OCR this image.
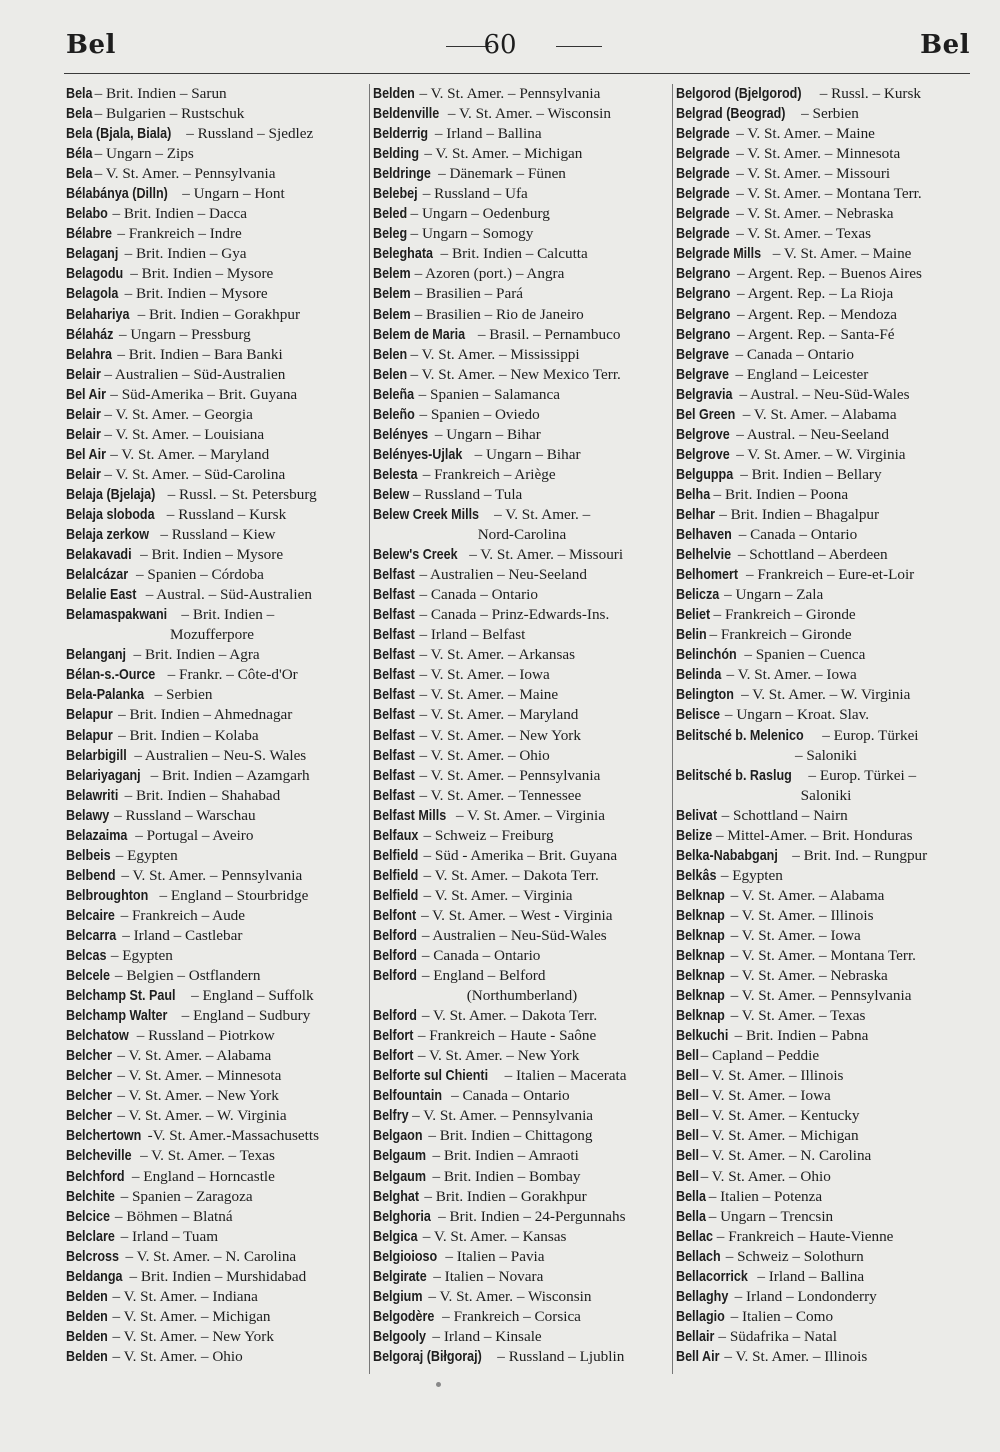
Bel	60	Bel
Bela – Brit. Indien – Sarun
Bela – Bulgarien – Rustschuk
Bela (Bjala, Biala) – Russland – Sjedlez
Béla – Ungarn – Zips
Bela – V. St. Amer. – Pennsylvania
Bélabánya (Dilln) – Ungarn – Hont
Belabo – Brit. Indien – Dacca
Bélabre – Frankreich – Indre
Belaganj – Brit. Indien – Gya
Belagodu – Brit. Indien – Mysore
Belagola – Brit. Indien – Mysore
Belahariya – Brit. Indien – Gorakhpur
Bélaház – Ungarn – Pressburg
Belahra – Brit. Indien – Bara Banki
Belair – Australien – Süd-Australien
Bel Air – Süd-Amerika – Brit. Guyana
Belair – V. St. Amer. – Georgia
Belair – V. St. Amer. – Louisiana
Bel Air – V. St. Amer. – Maryland
Belair – V. St. Amer. – Süd-Carolina
Belaja (Bjelaja) – Russl. – St. Petersburg
Belaja sloboda – Russland – Kursk
Belaja zerkow – Russland – Kiew
Belakavadi – Brit. Indien – Mysore
Belalcázar – Spanien – Córdoba
Belalie East – Austral. – Süd-Australien
Belamaspakwani – Brit. Indien –
Mozufferpore
Belanganj – Brit. Indien – Agra
Bélan-s.-Ource – Frankr. – Côte-d'Or
Bela-Palanka – Serbien
Belapur – Brit. Indien – Ahmednagar
Belapur – Brit. Indien – Kolaba
Belarbigill – Australien – Neu-S. Wales
Belariyaganj – Brit. Indien – Azamgarh
Belawriti – Brit. Indien – Shahabad
Belawy – Russland – Warschau
Belazaima – Portugal – Aveiro
Belbeis – Egypten
Belbend – V. St. Amer. – Pennsylvania
Belbroughton – England – Stourbridge
Belcaire – Frankreich – Aude
Belcarra – Irland – Castlebar
Belcas – Egypten
Belcele – Belgien – Ostflandern
Belchamp St. Paul – England – Suffolk
Belchamp Walter – England – Sudbury
Belchatow – Russland – Piotrkow
Belcher – V. St. Amer. – Alabama
Belcher – V. St. Amer. – Minnesota
Belcher – V. St. Amer. – New York
Belcher – V. St. Amer. – W. Virginia
Belchertown -V. St. Amer.-Massachusetts
Belcheville – V. St. Amer. – Texas
Belchford – England – Horncastle
Belchite – Spanien – Zaragoza
Belcice – Böhmen – Blatná
Belclare – Irland – Tuam
Belcross – V. St. Amer. – N. Carolina
Beldanga – Brit. Indien – Murshidabad
Belden – V. St. Amer. – Indiana
Belden – V. St. Amer. – Michigan
Belden – V. St. Amer. – New York
Belden – V. St. Amer. – Ohio
Belden – V. St. Amer. – Pennsylvania
Beldenville – V. St. Amer. – Wisconsin
Belderrig – Irland – Ballina
Belding – V. St. Amer. – Michigan
Beldringe – Dänemark – Fünen
Belebej – Russland – Ufa
Beled – Ungarn – Oedenburg
Beleg – Ungarn – Somogy
Beleghata – Brit. Indien – Calcutta
Belem – Azoren (port.) – Angra
Belem – Brasilien – Pará
Belem – Brasilien – Rio de Janeiro
Belem de Maria – Brasil. – Pernambuco
Belen – V. St. Amer. – Mississippi
Belen – V. St. Amer. – New Mexico Terr.
Beleña – Spanien – Salamanca
Beleño – Spanien – Oviedo
Belényes – Ungarn – Bihar
Belényes-Ujlak – Ungarn – Bihar
Belesta – Frankreich – Ariège
Belew – Russland – Tula
Belew Creek Mills – V. St. Amer. –
Nord-Carolina
Belew's Creek – V. St. Amer. – Missouri
Belfast – Australien – Neu-Seeland
Belfast – Canada – Ontario
Belfast – Canada – Prinz-Edwards-Ins.
Belfast – Irland – Belfast
Belfast – V. St. Amer. – Arkansas
Belfast – V. St. Amer. – Iowa
Belfast – V. St. Amer. – Maine
Belfast – V. St. Amer. – Maryland
Belfast – V. St. Amer. – New York
Belfast – V. St. Amer. – Ohio
Belfast – V. St. Amer. – Pennsylvania
Belfast – V. St. Amer. – Tennessee
Belfast Mills – V. St. Amer. – Virginia
Belfaux – Schweiz – Freiburg
Belfield – Süd - Amerika – Brit. Guyana
Belfield – V. St. Amer. – Dakota Terr.
Belfield – V. St. Amer. – Virginia
Belfont – V. St. Amer. – West - Virginia
Belford – Australien – Neu-Süd-Wales
Belford – Canada – Ontario
Belford – England – Belford
(Northumberland)
Belford – V. St. Amer. – Dakota Terr.
Belfort – Frankreich – Haute - Saône
Belfort – V. St. Amer. – New York
Belforte sul Chienti – Italien – Macerata
Belfountain – Canada – Ontario
Belfry – V. St. Amer. – Pennsylvania
Belgaon – Brit. Indien – Chittagong
Belgaum – Brit. Indien – Amraoti
Belgaum – Brit. Indien – Bombay
Belghat – Brit. Indien – Gorakhpur
Belghoria – Brit. Indien – 24-Pergunnahs
Belgica – V. St. Amer. – Kansas
Belgioioso – Italien – Pavia
Belgirate – Italien – Novara
Belgium – V. St. Amer. – Wisconsin
Belgodère – Frankreich – Corsica
Belgooly – Irland – Kinsale
Belgoraj (Biłgoraj) – Russland – Ljublin
Belgorod (Bjelgorod) – Russl. – Kursk
Belgrad (Beograd) – Serbien
Belgrade – V. St. Amer. – Maine
Belgrade – V. St. Amer. – Minnesota
Belgrade – V. St. Amer. – Missouri
Belgrade – V. St. Amer. – Montana Terr.
Belgrade – V. St. Amer. – Nebraska
Belgrade – V. St. Amer. – Texas
Belgrade Mills – V. St. Amer. – Maine
Belgrano – Argent. Rep. – Buenos Aires
Belgrano – Argent. Rep. – La Rioja
Belgrano – Argent. Rep. – Mendoza
Belgrano – Argent. Rep. – Santa-Fé
Belgrave – Canada – Ontario
Belgrave – England – Leicester
Belgravia – Austral. – Neu-Süd-Wales
Bel Green – V. St. Amer. – Alabama
Belgrove – Austral. – Neu-Seeland
Belgrove – V. St. Amer. – W. Virginia
Belguppa – Brit. Indien – Bellary
Belha – Brit. Indien – Poona
Belhar – Brit. Indien – Bhagalpur
Belhaven – Canada – Ontario
Belhelvie – Schottland – Aberdeen
Belhomert – Frankreich – Eure-et-Loir
Belicza – Ungarn – Zala
Beliet – Frankreich – Gironde
Belin – Frankreich – Gironde
Belinchón – Spanien – Cuenca
Belinda – V. St. Amer. – Iowa
Belington – V. St. Amer. – W. Virginia
Belisce – Ungarn – Kroat. Slav.
Belitsché b. Melenico – Europ. Türkei
– Saloniki
Belitsché b. Raslug – Europ. Türkei –
Saloniki
Belivat – Schottland – Nairn
Belize – Mittel-Amer. – Brit. Honduras
Belka-Nababganj – Brit. Ind. – Rungpur
Belkâs – Egypten
Belknap – V. St. Amer. – Alabama
Belknap – V. St. Amer. – Illinois
Belknap – V. St. Amer. – Iowa
Belknap – V. St. Amer. – Montana Terr.
Belknap – V. St. Amer. – Nebraska
Belknap – V. St. Amer. – Pennsylvania
Belknap – V. St. Amer. – Texas
Belkuchi – Brit. Indien – Pabna
Bell – Capland – Peddie
Bell – V. St. Amer. – Illinois
Bell – V. St. Amer. – Iowa
Bell – V. St. Amer. – Kentucky
Bell – V. St. Amer. – Michigan
Bell – V. St. Amer. – N. Carolina
Bell – V. St. Amer. – Ohio
Bella – Italien – Potenza
Bella – Ungarn – Trencsin
Bellac – Frankreich – Haute-Vienne
Bellach – Schweiz – Solothurn
Bellacorrick – Irland – Ballina
Bellaghy – Irland – Londonderry
Bellagio – Italien – Como
Bellair – Südafrika – Natal
Bell Air – V. St. Amer. – Illinois
